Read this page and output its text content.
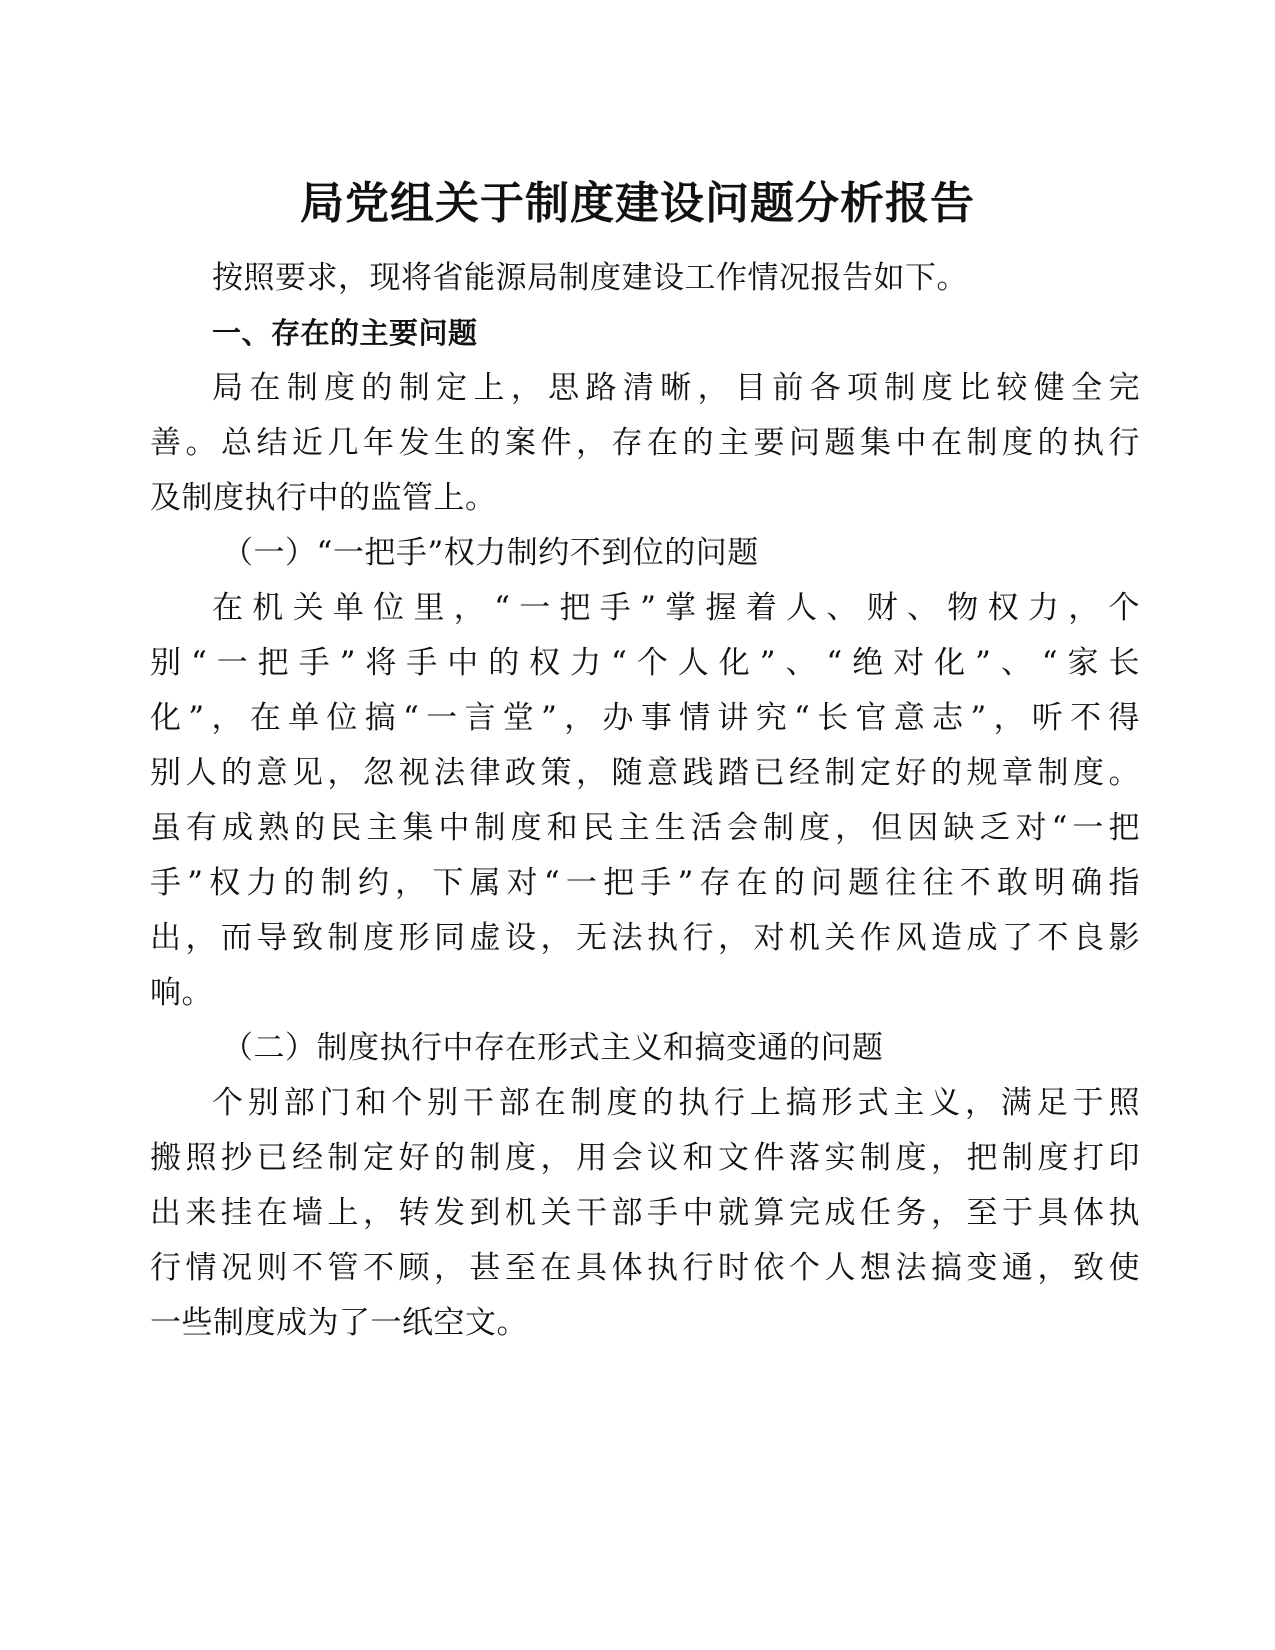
局党组关于制度建设问题分析报告
按照要求，现将省能源局制度建设工作情况报告如下。
一、存在的主要问题
局在制度的制定上，思路清晰，目前各项制度比较健全完
善。总结近几年发生的案件，存在的主要问题集中在制度的执行
及制度执行中的监管上。
（一）“一把手”权力制约不到位的问题
在机关单位里，“一把手”掌握着人、财、物权力，个
别“一把手”将手中的权力“个人化”、“绝对化”、“家长
化”，在单位搞“一言堂”，办事情讲究“长官意志”，听不得
别人的意见，忽视法律政策，随意践踏已经制定好的规章制度。
虽有成熟的民主集中制度和民主生活会制度，但因缺乏对“一把
手”权力的制约，下属对“一把手”存在的问题往往不敢明确指
出，而导致制度形同虚设，无法执行，对机关作风造成了不良影
响。
（二）制度执行中存在形式主义和搞变通的问题
个别部门和个别干部在制度的执行上搞形式主义，满足于照
搬照抄已经制定好的制度，用会议和文件落实制度，把制度打印
出来挂在墙上，转发到机关干部手中就算完成任务，至于具体执
行情况则不管不顾，甚至在具体执行时依个人想法搞变通，致使
一些制度成为了一纸空文。
